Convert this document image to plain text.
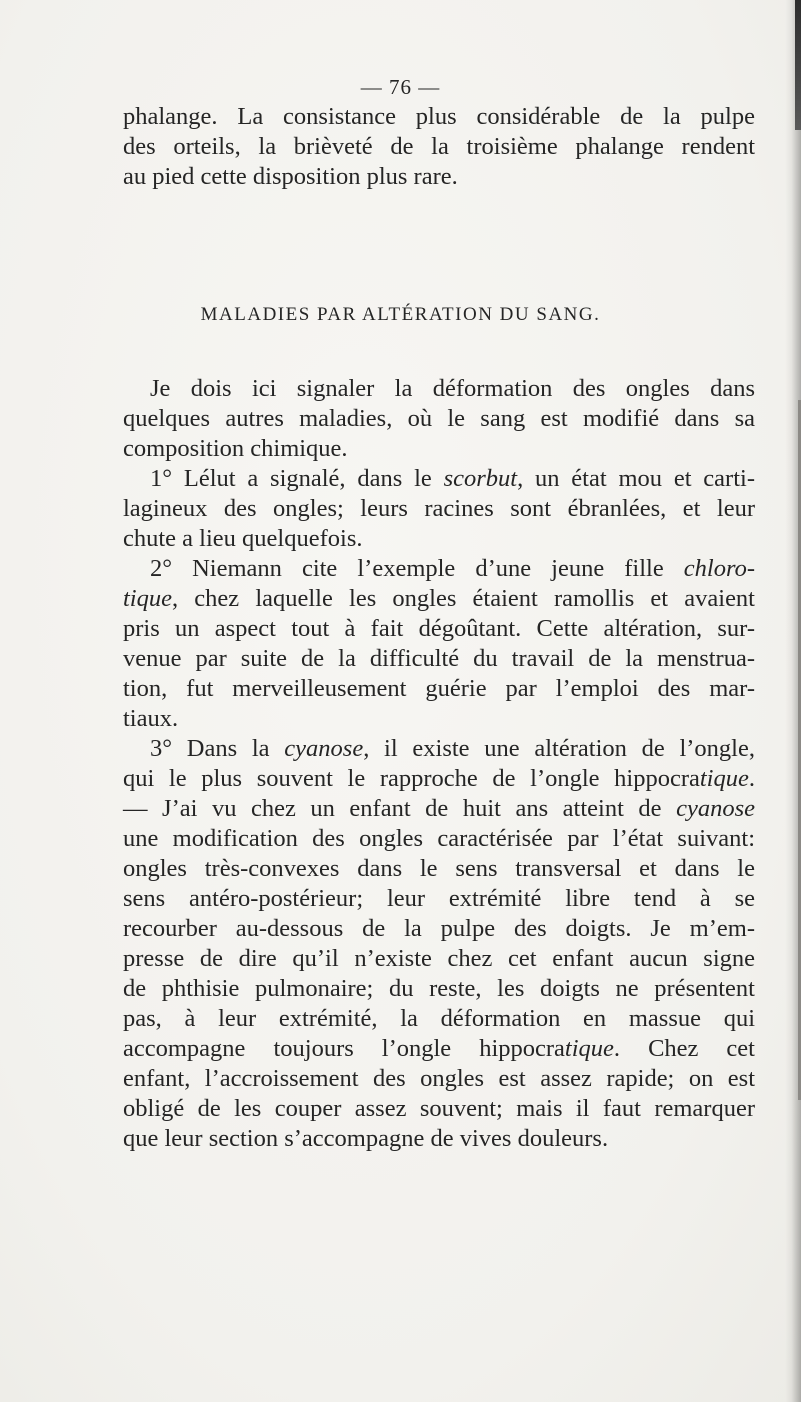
— 76 —
phalange. La consistance plus considérable de la pulpe
des orteils, la brièveté de la troisième phalange rendent
au pied cette disposition plus rare.
MALADIES PAR ALTÉRATION DU SANG.
Je dois ici signaler la déformation des ongles dans
quelques autres maladies, où le sang est modifié dans sa
composition chimique.
1° Lélut a signalé, dans le scorbut, un état mou et carti-
lagineux des ongles; leurs racines sont ébranlées, et leur
chute a lieu quelquefois.
2° Niemann cite l’exemple d’une jeune fille chloro-
tique, chez laquelle les ongles étaient ramollis et avaient
pris un aspect tout à fait dégoûtant. Cette altération, sur-
venue par suite de la difficulté du travail de la menstrua-
tion, fut merveilleusement guérie par l’emploi des mar-
tiaux.
3° Dans la cyanose, il existe une altération de l’ongle,
qui le plus souvent le rapproche de l’ongle hippocratique.
— J’ai vu chez un enfant de huit ans atteint de cyanose
une modification des ongles caractérisée par l’état suivant:
ongles très-convexes dans le sens transversal et dans le
sens antéro-postérieur; leur extrémité libre tend à se
recourber au-dessous de la pulpe des doigts. Je m’em-
presse de dire qu’il n’existe chez cet enfant aucun signe
de phthisie pulmonaire; du reste, les doigts ne présentent
pas, à leur extrémité, la déformation en massue qui
accompagne toujours l’ongle hippocratique. Chez cet
enfant, l’accroissement des ongles est assez rapide; on est
obligé de les couper assez souvent; mais il faut remarquer
que leur section s’accompagne de vives douleurs.
